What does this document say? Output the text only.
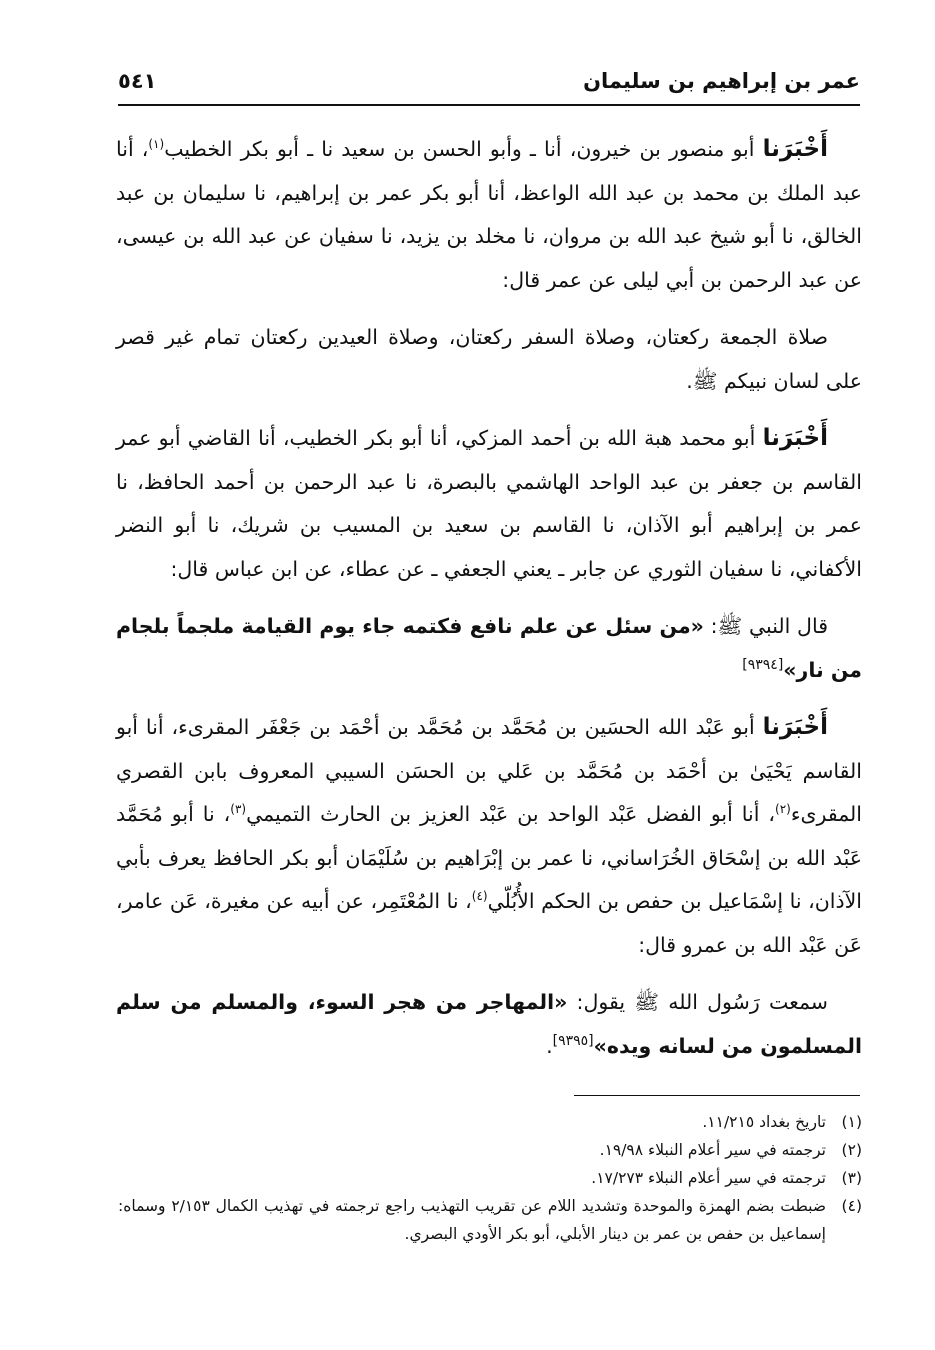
عمر بن إبراهيم بن سليمان
٥٤١

أَخْبَرَنا أبو منصور بن خيرون، أنا ـ وأبو الحسن بن سعيد نا ـ أبو بكر الخطيب$^{(١)}$، أنا عبد الملك بن محمد بن عبد الله الواعظ، أنا أبو بكر عمر بن إبراهيم، نا سليمان بن عبد الخالق، نا أبو شيخ عبد الله بن مروان، نا مخلد بن يزيد، نا سفيان عن عبد الله بن عيسى، عن عبد الرحمن بن أبي ليلى عن عمر قال:

صلاة الجمعة ركعتان، وصلاة السفر ركعتان، وصلاة العيدين ركعتان تمام غير قصر على لسان نبيكم ﷺ.

أَخْبَرَنا أبو محمد هبة الله بن أحمد المزكي، أنا أبو بكر الخطيب، أنا القاضي أبو عمر القاسم بن جعفر بن عبد الواحد الهاشمي بالبصرة، نا عبد الرحمن بن أحمد الحافظ، نا عمر بن إبراهيم أبو الآذان، نا القاسم بن سعيد بن المسيب بن شريك، نا أبو النضر الأكفاني، نا سفيان الثوري عن جابر ـ يعني الجعفي ـ عن عطاء، عن ابن عباس قال:

قال النبي ﷺ: «من سئل عن علم نافع فكتمه جاء يوم القيامة ملجماً بلجام من نار»[٩٣٩٤]

أَخْبَرَنا أبو عَبْد الله الحسَين بن مُحَمَّد بن مُحَمَّد بن أحْمَد بن جَعْفَر المقرىء، أنا أبو القاسم يَحْيَىٰ بن أحْمَد بن مُحَمَّد بن عَلي بن الحسَن السيبي المعروف بابن القصري المقرىء$^{(٢)}$، أنا أبو الفضل عَبْد الواحد بن عَبْد العزيز بن الحارث التميمي$^{(٣)}$، نا أبو مُحَمَّد عَبْد الله بن إسْحَاق الخُرَاساني، نا عمر بن إبْرَاهيم بن سُلَيْمَان أبو بكر الحافظ يعرف بأبي الآذان، نا إسْمَاعيل بن حفص بن الحكم الأُبُلّي$^{(٤)}$، نا المُعْتَمِر، عن أبيه عن مغيرة، عَن عامر، عَن عَبْد الله بن عمرو قال:

سمعت رَسُول الله ﷺ يقول: «المهاجر من هجر السوء، والمسلم من سلم المسلمون من لسانه ويده»[٩٣٩٥].

(١)
تاريخ بغداد ١١/٢١٥.
(٢)
ترجمته في سير أعلام النبلاء ١٩/٩٨.
(٣)
ترجمته في سير أعلام النبلاء ١٧/٢٧٣.
(٤)
ضبطت بضم الهمزة والموحدة وتشديد اللام عن تقريب التهذيب راجع ترجمته في تهذيب الكمال ٢/١٥٣ وسماه: إسماعيل بن حفص بن عمر بن دينار الأبلي، أبو بكر الأودي البصري.
